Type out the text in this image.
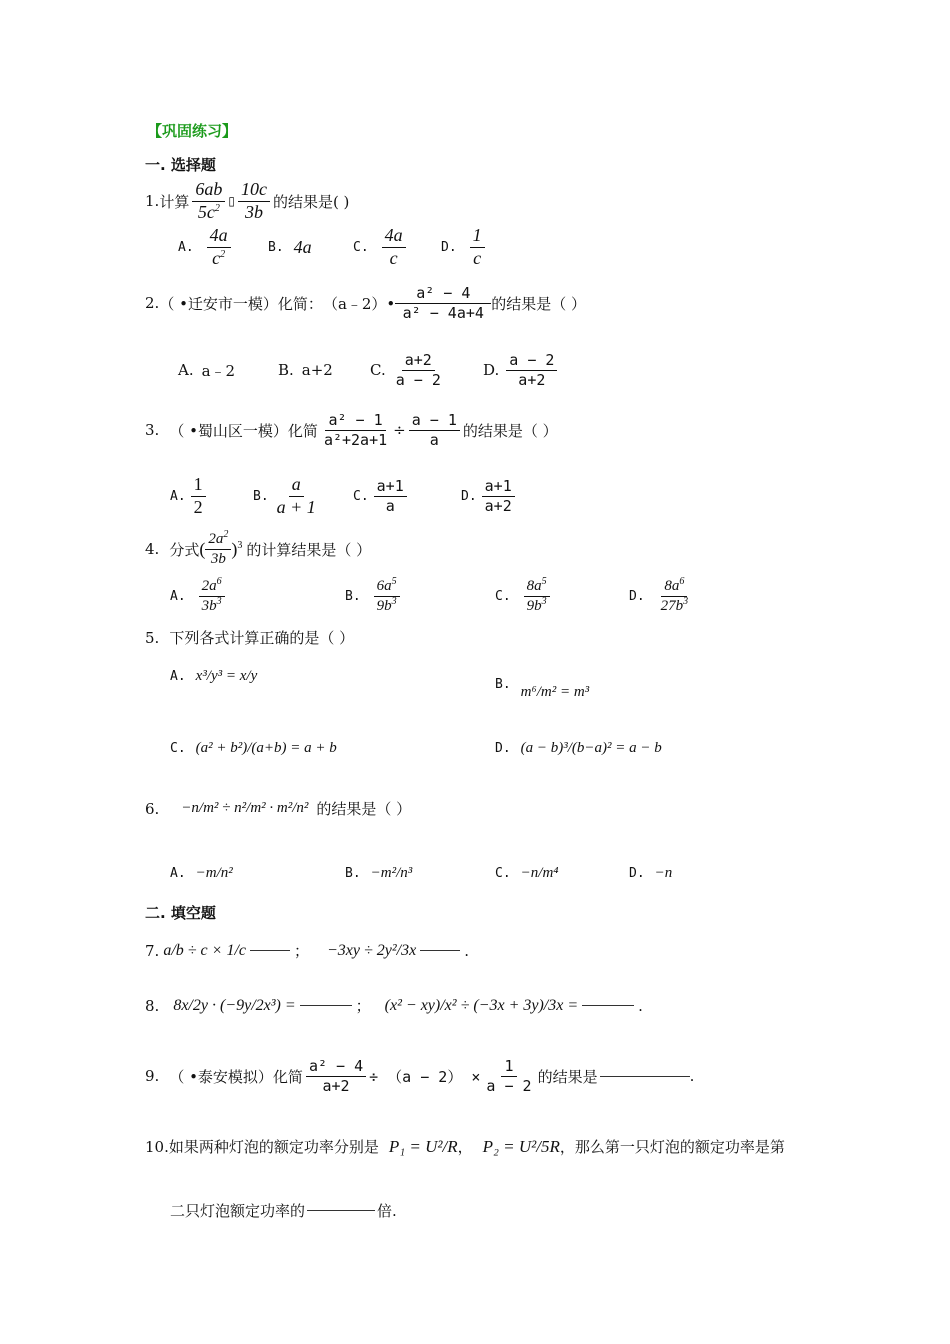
【巩固练习】
一. 选择题
1. 计算 $\frac{6ab}{5c^2}$ ▯ $\frac{10c}{3b}$ 的结果是( )
A. $\frac{4a}{c^2}$	B. 4a	C. $\frac{4a}{c}$	D. $\frac{1}{c}$
2. （ •迁安市一模）化简： （a﹣2）• $\frac{\text{a² − 4}}{\text{a² − 4a+4}}$ 的结果是（ ）
A. a﹣2	B. a+2 C. $\frac{a+2}{a - 2}$	D. $\frac{a - 2}{a+2}$
3. （ •蜀山区一模）化简 $\frac{\text{a² − 1}}{\text{a²+2a+1}} \div \frac{a - 1}{a}$ 的结果是（ ）
A. $\frac{1}{2}$	B. $\frac{a}{a + 1}$	C. $\frac{a+1}{a}$	D. $\frac{a+1}{a+2}$
4. 分式 ( $\frac{2a^2}{3b} )^3$ 的计算结果是（ ）
A. $\frac{2a^6}{3b^3}$	B. $\frac{6a^5}{9b^3}$	C. $\frac{8a^5}{9b^3}$	D. $\frac{8a^6}{27b^3}$
5. 下列各式计算正确的是（ ）
A. x³/y³ = x/y
B. m⁶/m² = m³
C. (a² + b²)/(a+b) = a + b	D. (a − b)³/(b−a)² = a − b
6. −n/m² ÷ n²/m² · m²/n² 的结果是（ ）
A. −m/n²	B. −m²/n³	C. −n/m⁴	D. −n
二. 填空题
7. a/b ÷ c × 1/c	； −3xy ÷ 2y²/3x	.
8. 8x/2y · (−9y/2x³) =	； (x² − xy)/x² ÷ (−3x + 3y)/3x =	.
9. （ •泰安模拟）化简 $\frac{\text{a² − 4}}{a+2} \div (a - 2) \times \frac{1}{a - 2}$ 的结果是	.
10. 如果两种灯泡的额定功率分别是 P₁ = U²/R ， P₂ = U²/5R ，那么第一只灯泡的额定功率是第
二只灯泡额定功率的	倍.
